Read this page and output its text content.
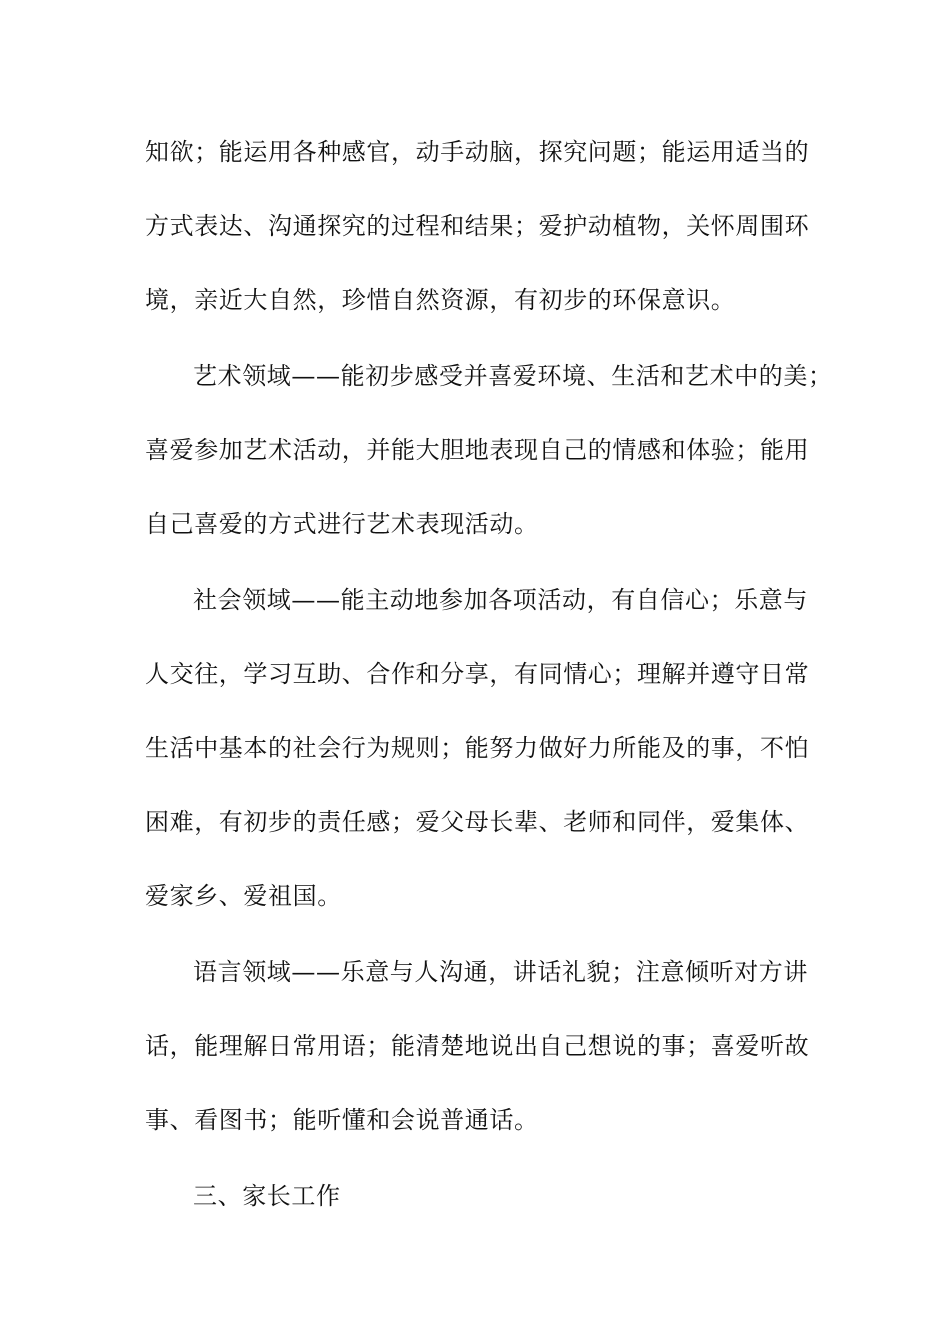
知欲；能运用各种感官，动手动脑，探究问题；能运用适当的
方式表达、沟通探究的过程和结果；爱护动植物，关怀周围环
境，亲近大自然，珍惜自然资源，有初步的环保意识。
艺术领域——能初步感受并喜爱环境、生活和艺术中的美；
喜爱参加艺术活动，并能大胆地表现自己的情感和体验；能用
自己喜爱的方式进行艺术表现活动。
社会领域——能主动地参加各项活动，有自信心；乐意与
人交往，学习互助、合作和分享，有同情心；理解并遵守日常
生活中基本的社会行为规则；能努力做好力所能及的事，不怕
困难，有初步的责任感；爱父母长辈、老师和同伴，爱集体、
爱家乡、爱祖国。
语言领域——乐意与人沟通，讲话礼貌；注意倾听对方讲
话，能理解日常用语；能清楚地说出自己想说的事；喜爱听故
事、看图书；能听懂和会说普通话。
三、家长工作
